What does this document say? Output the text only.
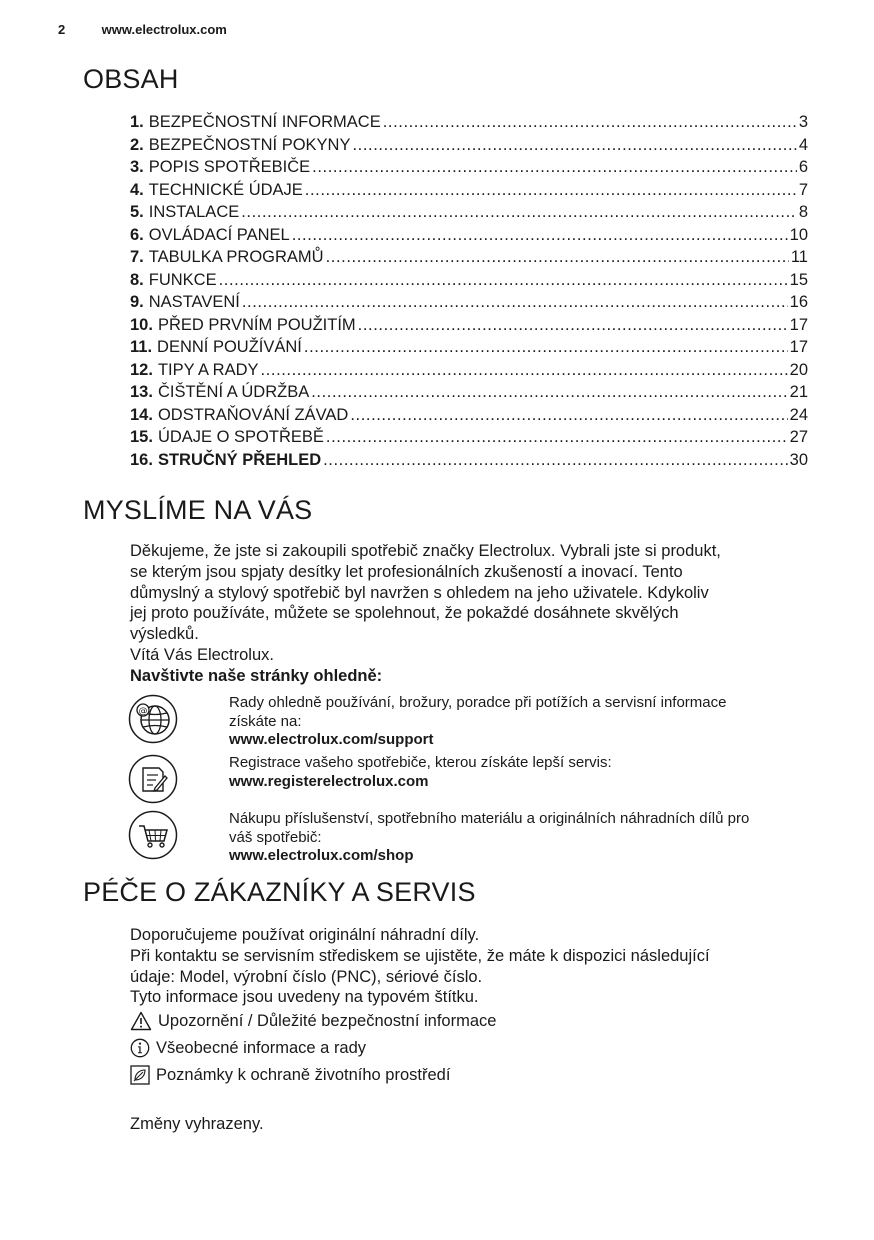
2	www.electrolux.com
OBSAH
1. BEZPEČNOSTNÍ INFORMACE .....	3
2. BEZPEČNOSTNÍ POKYNY .....	4
3. POPIS SPOTŘEBIČE .....	6
4. TECHNICKÉ ÚDAJE .....	7
5. INSTALACE .....	8
6. OVLÁDACÍ PANEL .....	10
7. TABULKA PROGRAMŮ .....	11
8. FUNKCE .....	15
9. NASTAVENÍ .....	16
10. PŘED PRVNÍM POUŽITÍM .....	17
11. DENNÍ POUŽÍVÁNÍ .....	17
12. TIPY A RADY .....	20
13. ČIŠTĚNÍ A ÚDRŽBA .....	21
14. ODSTRAŇOVÁNÍ ZÁVAD .....	24
15. ÚDAJE O SPOTŘEBĚ .....	27
16. STRUČNÝ PŘEHLED .....	30
MYSLÍME NA VÁS

Děkujeme, že jste si zakoupili spotřebič značky Electrolux. Vybrali jste si produkt,

se kterým jsou spjaty desítky let profesionálních zkušeností a inovací. Tento

důmyslný a stylový spotřebič byl navržen s ohledem na jeho uživatele. Kdykoliv

jej proto používáte, můžete se spolehnout, že pokaždé dosáhnete skvělých

výsledků.

Vítá Vás Electrolux.

Navštivte naše stránky ohledně:

@
Rady ohledně používání, brožury, poradce při potížích a servisní informace
získáte na:
www.electrolux.com/support
Registrace vašeho spotřebiče, kterou získáte lepší servis:
www.registerelectrolux.com
Nákupu příslušenství, spotřebního materiálu a originálních náhradních dílů pro
váš spotřebič:
www.electrolux.com/shop
PÉČE O ZÁKAZNÍKY A SERVIS

Doporučujeme používat originální náhradní díly.

Při kontaktu se servisním střediskem se ujistěte, že máte k dispozici následující

údaje: Model, výrobní číslo (PNC), sériové číslo.

Tyto informace jsou uvedeny na typovém štítku.

Upozornění / Důležité bezpečnostní informace
Všeobecné informace a rady
Poznámky k ochraně životního prostředí
Změny vyhrazeny.
